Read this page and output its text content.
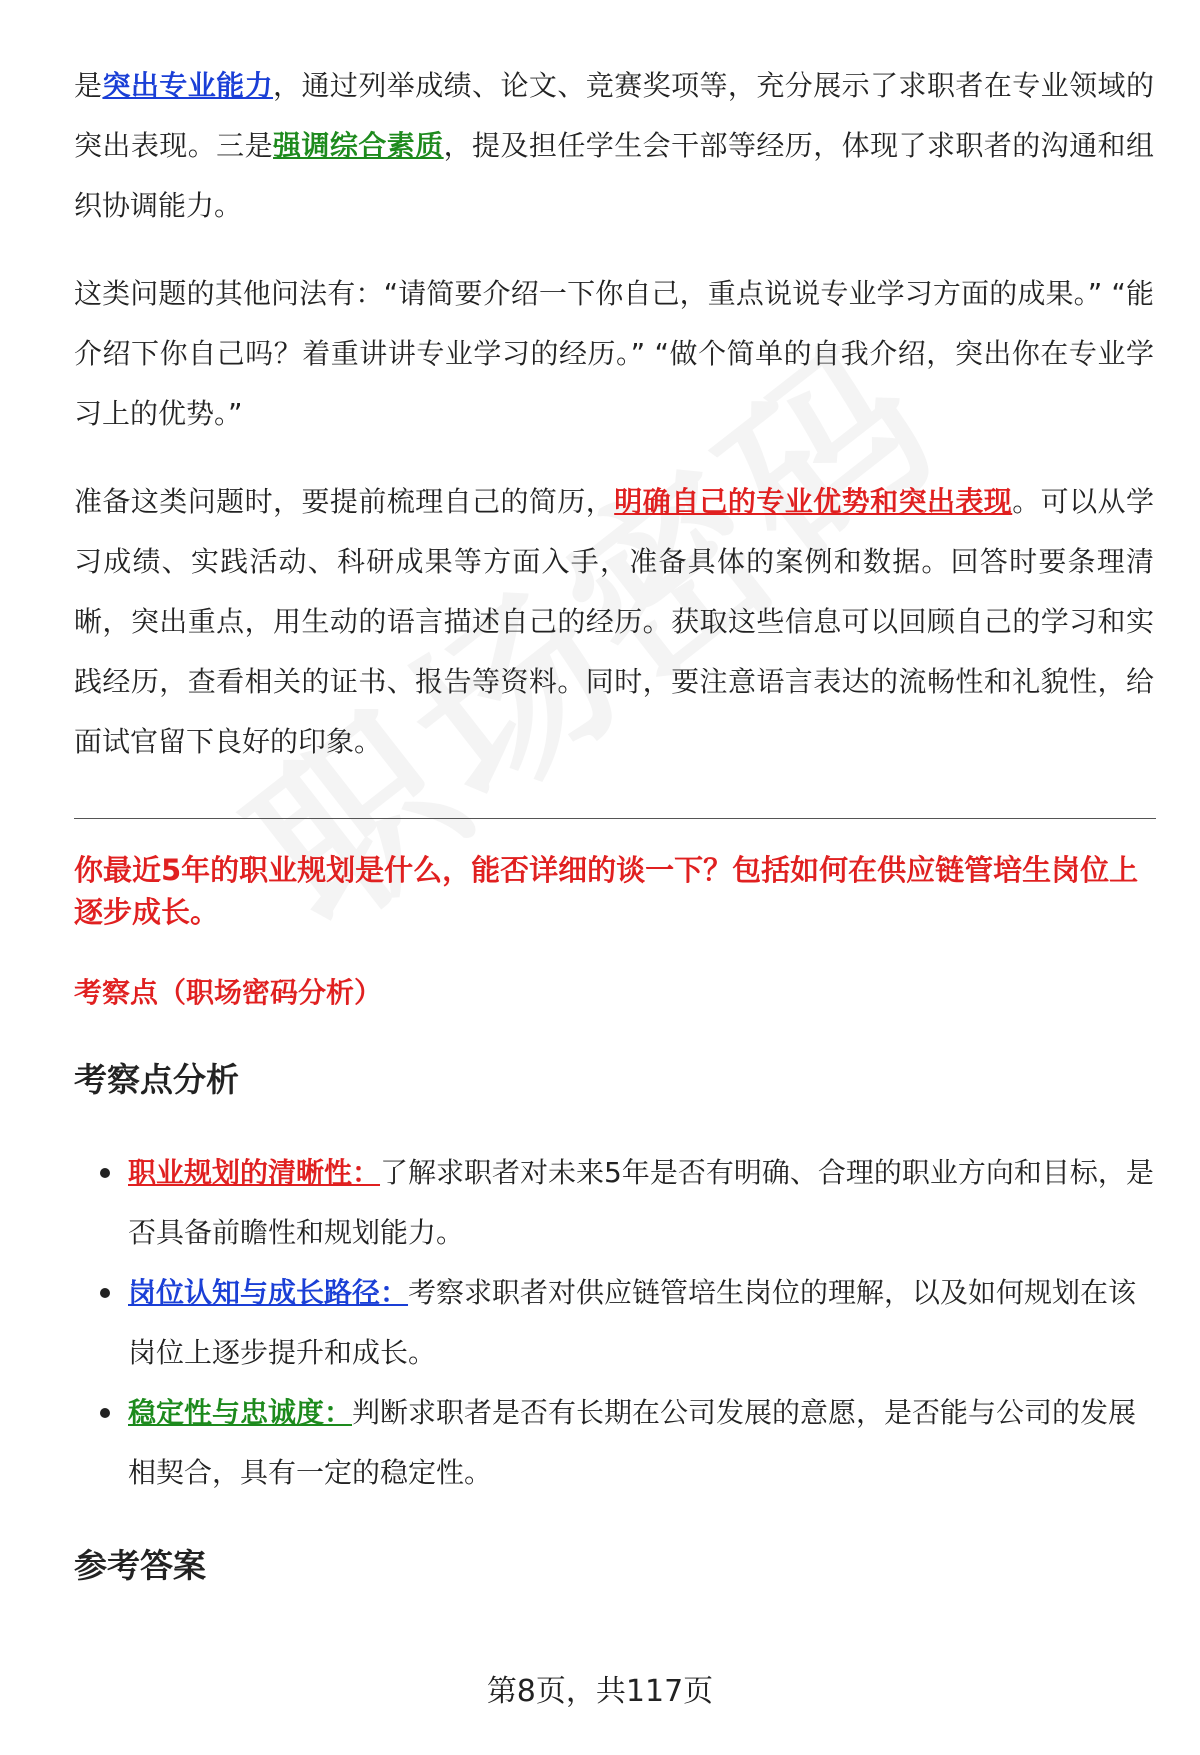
是突出专业能力，通过列举成绩、论文、竞赛奖项等，充分展示了求职者在专业领域的突出表现。三是强调综合素质，提及担任学生会干部等经历，体现了求职者的沟通和组织协调能力。

这类问题的其他问法有：“请简要介绍一下你自己，重点说说专业学习方面的成果。” “能介绍下你自己吗？着重讲讲专业学习的经历。” “做个简单的自我介绍，突出你在专业学习上的优势。”

准备这类问题时，要提前梳理自己的简历，明确自己的专业优势和突出表现。可以从学习成绩、实践活动、科研成果等方面入手，准备具体的案例和数据。回答时要条理清晰，突出重点，用生动的语言描述自己的经历。获取这些信息可以回顾自己的学习和实践经历，查看相关的证书、报告等资料。同时，要注意语言表达的流畅性和礼貌性，给面试官留下良好的印象。

你最近5年的职业规划是什么，能否详细的谈一下？包括如何在供应链管培生岗位上逐步成长。

考察点（职场密码分析）

考察点分析
职业规划的清晰性：了解求职者对未来5年是否有明确、合理的职业方向和目标，是否具备前瞻性和规划能力。
岗位认知与成长路径：考察求职者对供应链管培生岗位的理解，以及如何规划在该岗位上逐步提升和成长。
稳定性与忠诚度：判断求职者是否有长期在公司发展的意愿，是否能与公司的发展相契合，具有一定的稳定性。
参考答案
第8页，共117页
